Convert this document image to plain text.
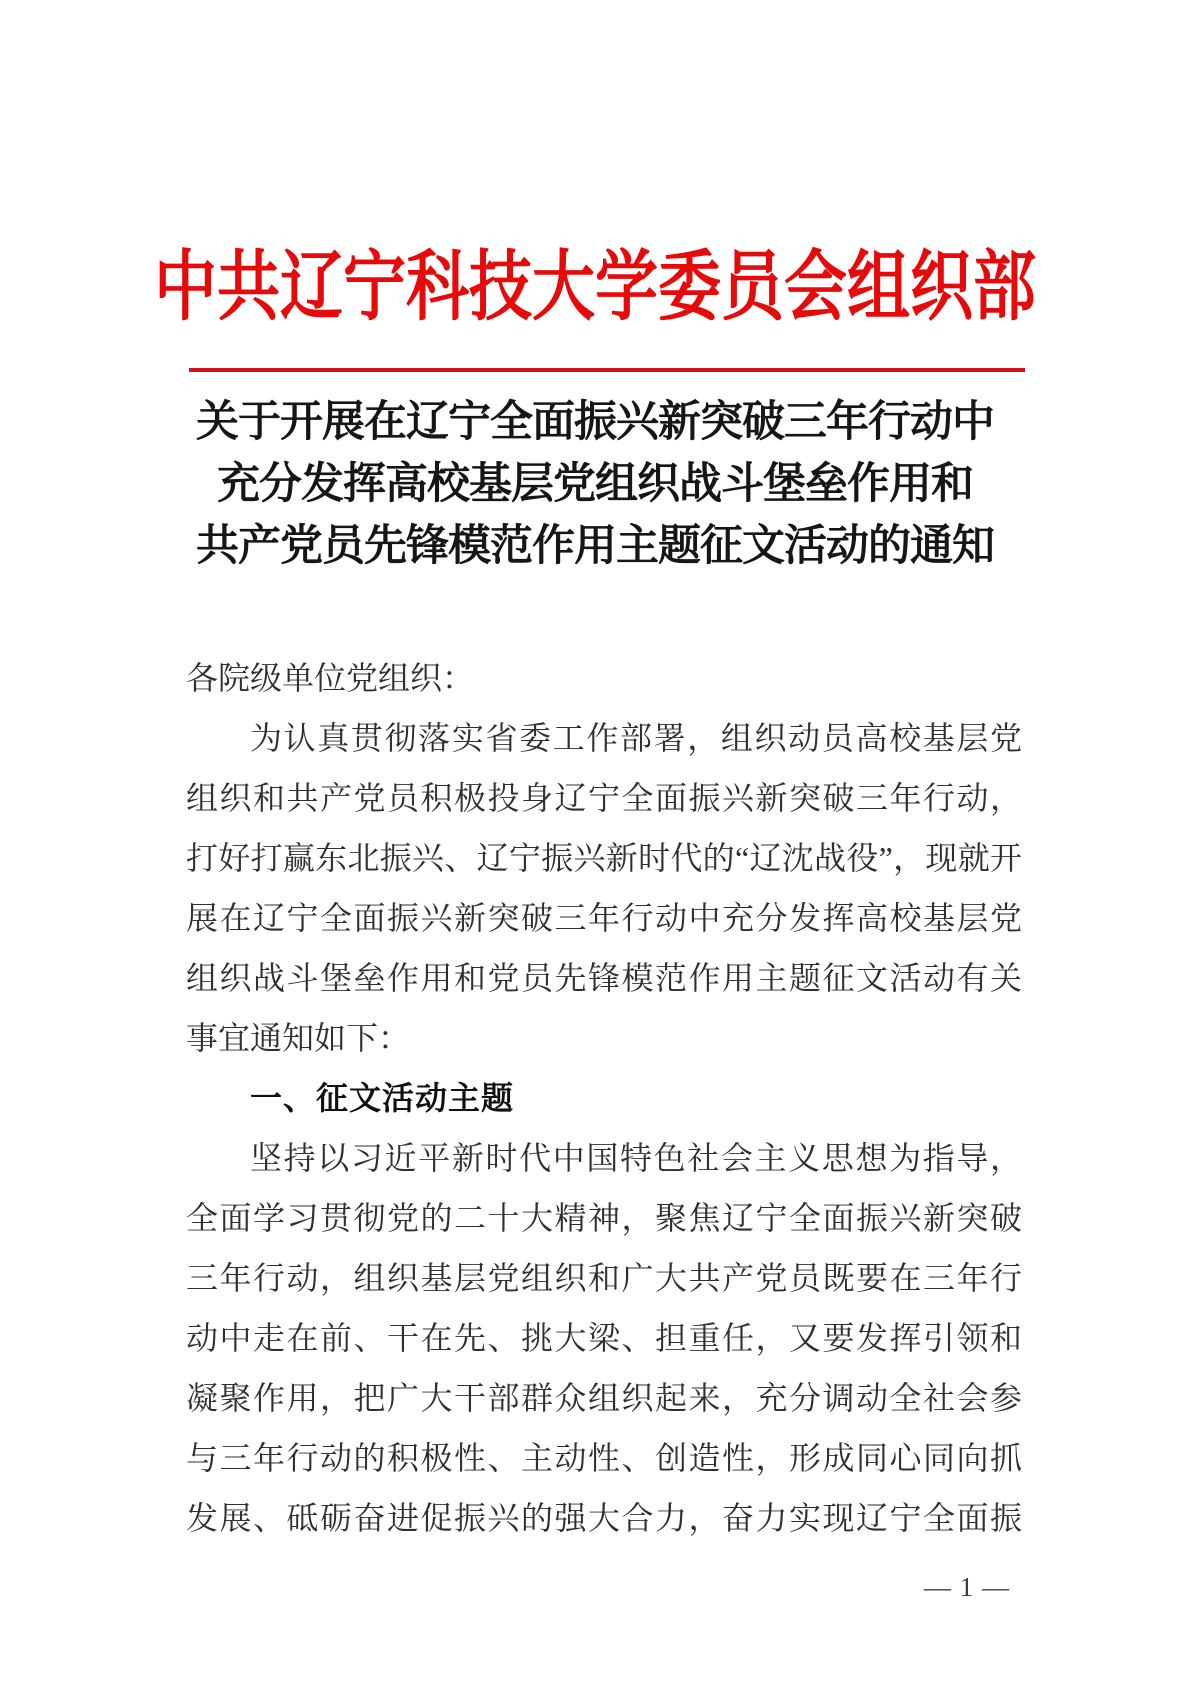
中共辽宁科技大学委员会组织部
关于开展在辽宁全面振兴新突破三年行动中
充分发挥高校基层党组织战斗堡垒作用和
共产党员先锋模范作用主题征文活动的通知
各院级单位党组织：
为认真贯彻落实省委工作部署，组织动员高校基层党
组织和共产党员积极投身辽宁全面振兴新突破三年行动，
打好打赢东北振兴、辽宁振兴新时代的“辽沈战役”，现就开
展在辽宁全面振兴新突破三年行动中充分发挥高校基层党
组织战斗堡垒作用和党员先锋模范作用主题征文活动有关
事宜通知如下：
一、征文活动主题
坚持以习近平新时代中国特色社会主义思想为指导，
全面学习贯彻党的二十大精神，聚焦辽宁全面振兴新突破
三年行动，组织基层党组织和广大共产党员既要在三年行
动中走在前、干在先、挑大梁、担重任，又要发挥引领和
凝聚作用，把广大干部群众组织起来，充分调动全社会参
与三年行动的积极性、主动性、创造性，形成同心同向抓
发展、砥砺奋进促振兴的强大合力，奋力实现辽宁全面振
— 1 —
